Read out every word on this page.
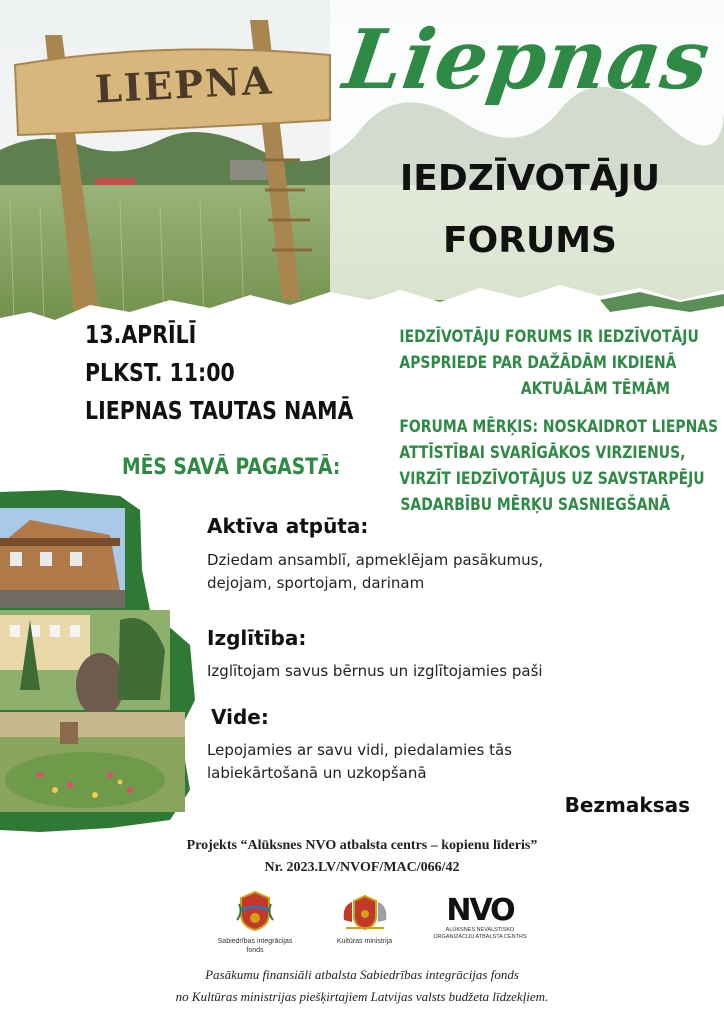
LIEPNA Liepnas
IEDZĪVOTĀJU
FORUMS
13.APRĪLĪ
PLKST. 11:00
LIEPNAS TAUTAS NAMĀ
IEDZĪVOTĀJU FORUMS IR IEDZĪVOTĀJU
APSPRIEDE PAR DAŽĀDĀM IKDIENĀ
AKTUĀLĀM TĒMĀM
FORUMA MĒRĶIS: NOSKAIDROT LIEPNAS
ATTĪSTĪBAI SVARĪGĀKOS VIRZIENUS,
VIRZĪT IEDZĪVOTĀJUS UZ SAVSTARPĒJU
SADARBĪBU MĒRĶU SASNIEGŠANĀ
MĒS SAVĀ PAGASTĀ:
Aktīva atpūta:
Dziedam ansamblī, apmeklējam pasākumus,
dejojam, sportojam, darinam
Izglītība:
Izglītojam savus bērnus un izglītojamies paši
Vide:
Lepojamies ar savu vidi, piedalamies tās
labiekārtošanā un uzkopšanā
Bezmaksas
Projekts “Alūksnes NVO atbalsta centrs – kopienu līderis”
Nr. 2023.LV/NVOF/MAC/066/42
Sabiedrības integrācijas
fonds
Kultūras ministrija
NVO
ALŪKSNES NEVALSTISKO
ORGANIZĀCIJU ATBALSTA CENTRS
Pasākumu finansiāli atbalsta Sabiedrības integrācijas fonds
no Kultūras ministrijas piešķirtajiem Latvijas valsts budžeta līdzekļiem.
